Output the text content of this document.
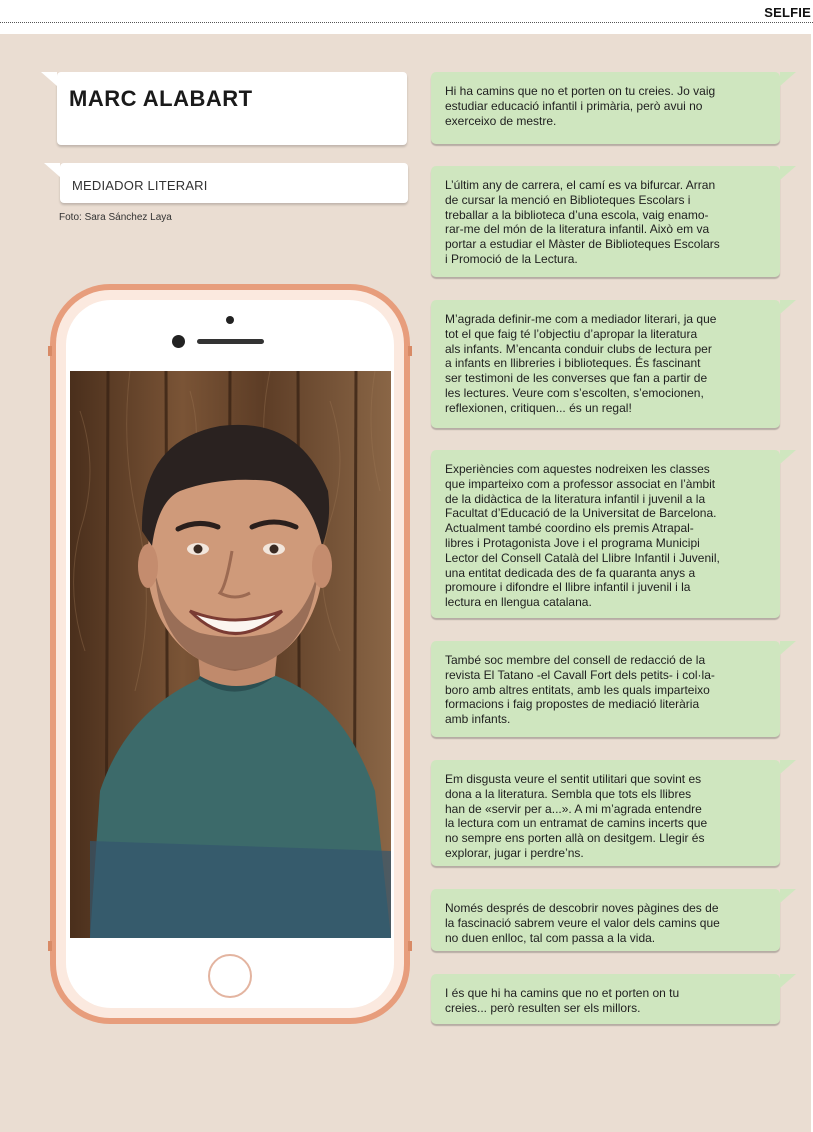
SELFIE
MARC ALABART
MEDIADOR LITERARI
Foto: Sara Sánchez Laya
Hi ha camins que no et porten on tu creies. Jo vaig
estudiar educació infantil i primària, però avui no
exerceixo de mestre.
L’últim any de carrera, el camí es va bifurcar. Arran
de cursar la menció en Biblioteques Escolars i
treballar a la biblioteca d’una escola, vaig enamo-
rar-me del món de la literatura infantil. Això em va
portar a estudiar el Màster de Biblioteques Escolars
i Promoció de la Lectura.
M’agrada definir-me com a mediador literari, ja que
tot el que faig té l’objectiu d’apropar la literatura
als infants. M’encanta conduir clubs de lectura per
a infants en llibreries i biblioteques. És fascinant
ser testimoni de les converses que fan a partir de
les lectures. Veure com s’escolten, s’emocionen,
reflexionen, critiquen... és un regal!
Experiències com aquestes nodreixen les classes
que imparteixo com a professor associat en l’àmbit
de la didàctica de la literatura infantil i juvenil a la
Facultat d’Educació de la Universitat de Barcelona.
Actualment també coordino els premis Atrapal-
libres i Protagonista Jove i el programa Municipi
Lector del Consell Català del Llibre Infantil i Juvenil,
una entitat dedicada des de fa quaranta anys a
promoure i difondre el llibre infantil i juvenil i la
lectura en llengua catalana.
També soc membre del consell de redacció de la
revista El Tatano -el Cavall Fort dels petits- i col·la-
boro amb altres entitats, amb les quals imparteixo
formacions i faig propostes de mediació literària
amb infants.
Em disgusta veure el sentit utilitari que sovint es
dona a la literatura. Sembla que tots els llibres
han de «servir per a...». A mi m’agrada entendre
la lectura com un entramat de camins incerts que
no sempre ens porten allà on desitgem. Llegir és
explorar, jugar i perdre’ns.
Només després de descobrir noves pàgines des de
la fascinació sabrem veure el valor dels camins que
no duen enlloc, tal com passa a la vida.
I és que hi ha camins que no et porten on tu
creies... però resulten ser els millors.
